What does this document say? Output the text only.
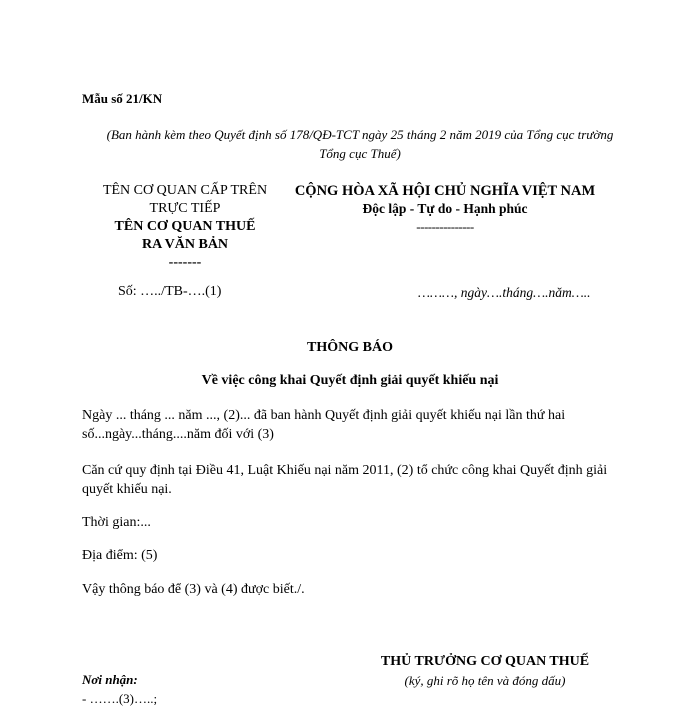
Mẫu số 21/KN
(Ban hành kèm theo Quyết định số 178/QĐ-TCT ngày 25 tháng 2 năm 2019 của Tổng cục trường Tổng cục Thuế)
TÊN CƠ QUAN CẤP TRÊN
TRỰC TIẾP
TÊN CƠ QUAN THUẾ
RA VĂN BẢN
-------
CỘNG HÒA XÃ HỘI CHỦ NGHĨA VIỆT NAM
Độc lập - Tự do - Hạnh phúc
---------------
Số: …../TB-….(1)	………, ngày….tháng….năm…..
THÔNG BÁO
Về việc công khai Quyết định giải quyết khiếu nại
Ngày ... tháng ... năm ..., (2)... đã ban hành Quyết định giải quyết khiếu nại lần thứ hai số...ngày...tháng....năm đối với (3)
Căn cứ quy định tại Điều 41, Luật Khiếu nại năm 2011, (2) tổ chức công khai Quyết định giải quyết khiếu nại.
Thời gian:...
Địa điểm: (5)
Vậy thông báo để (3) và (4) được biết./.
THỦ TRƯỞNG CƠ QUAN THUẾ
(ký, ghi rõ họ tên và đóng dấu)
Nơi nhận:
- …….(3)…..;
